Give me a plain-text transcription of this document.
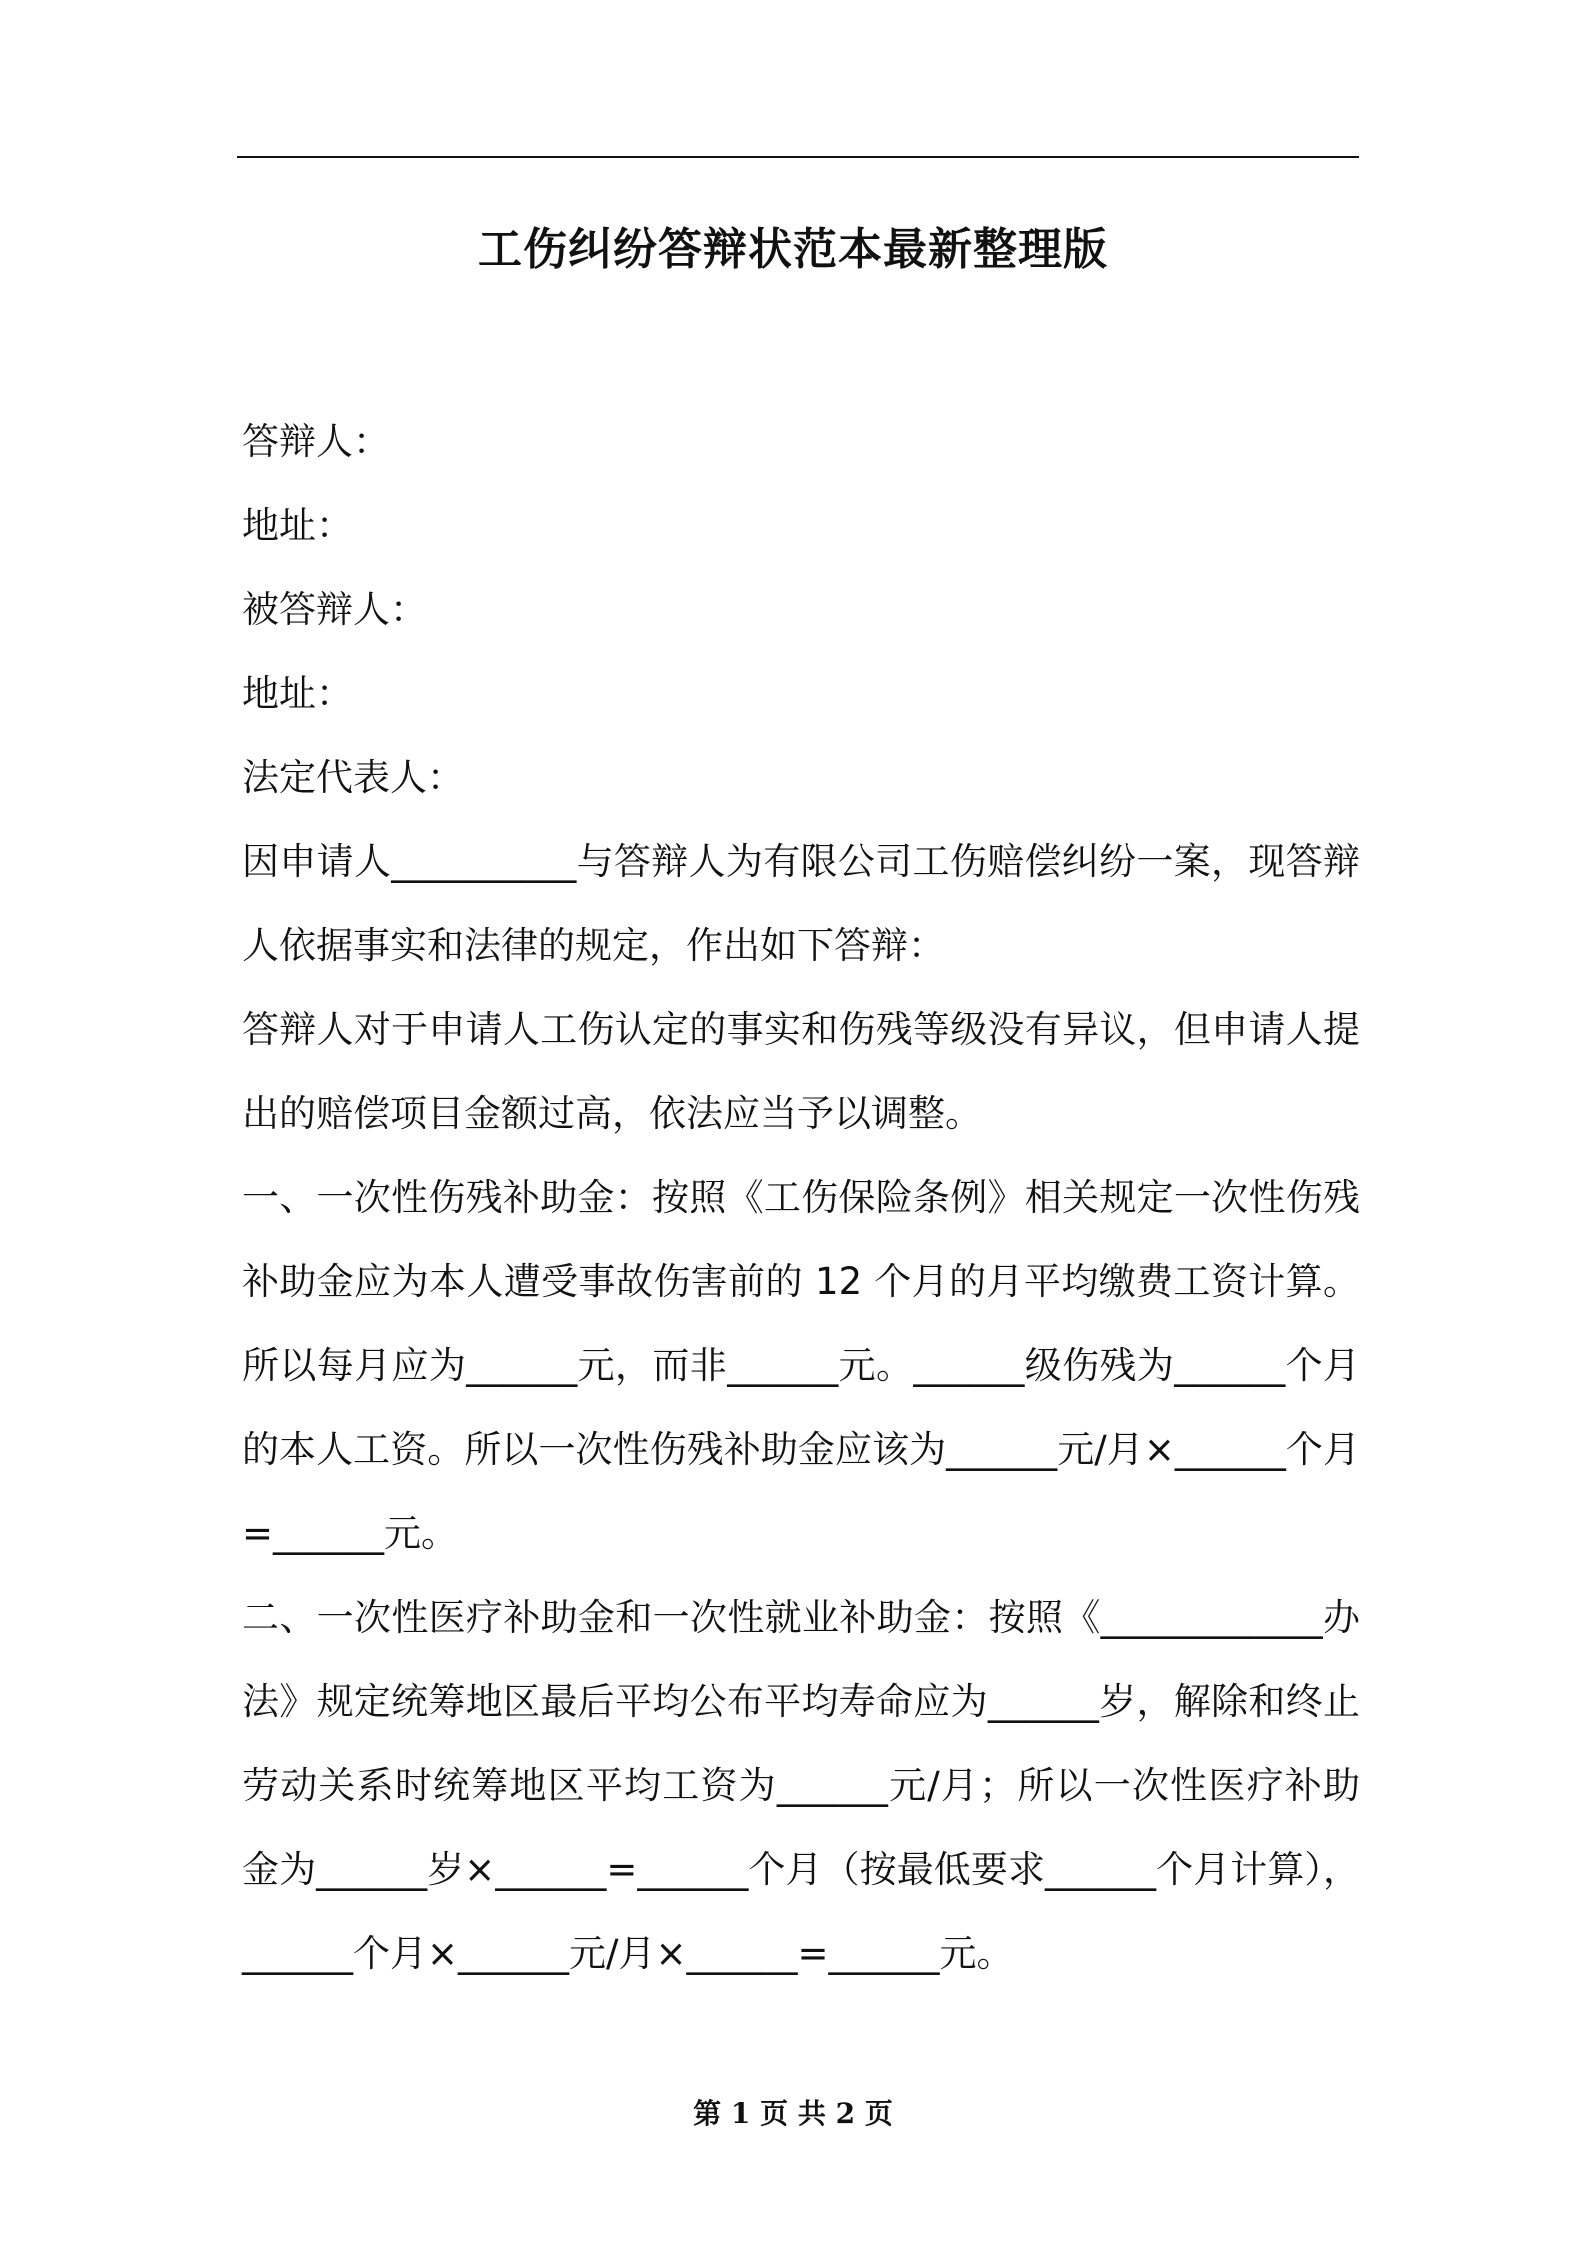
工伤纠纷答辩状范本最新整理版

答辩人：

地址：

被答辩人：

地址：

法定代表人：

因申请人__________与答辩人为有限公司工伤赔偿纠纷一案，现答辩人依据事实和法律的规定，作出如下答辩：

答辩人对于申请人工伤认定的事实和伤残等级没有异议，但申请人提出的赔偿项目金额过高，依法应当予以调整。

一、一次性伤残补助金：按照《工伤保险条例》相关规定一次性伤残补助金应为本人遭受事故伤害前的 12 个月的月平均缴费工资计算。所以每月应为______元，而非______元。______级伤残为______个月的本人工资。所以一次性伤残补助金应该为______元/月×______个月=______元。

二、一次性医疗补助金和一次性就业补助金：按照《____________办法》规定统筹地区最后平均公布平均寿命应为______岁，解除和终止劳动关系时统筹地区平均工资为______元/月；所以一次性医疗补助金为______岁×______=______个月（按最低要求______个月计算），______个月×______元/月×______=______元。

第 1 页 共 2 页
